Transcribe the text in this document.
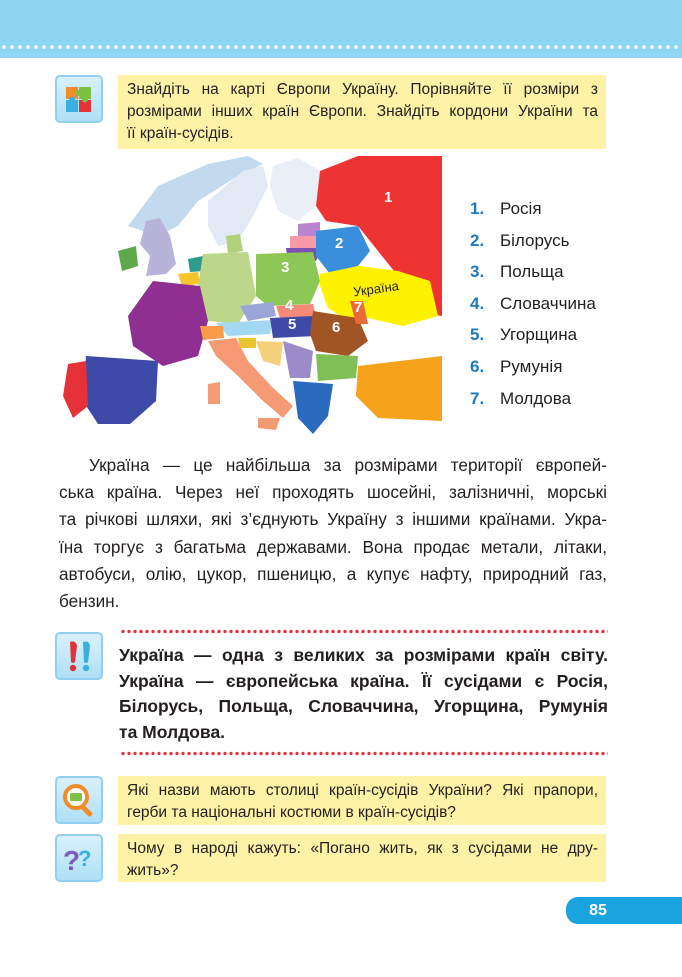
Знайдіть на карті Європи Україну. Порівняйте її розміри з
розмірами інших країн Європи. Знайдіть кордони України та
її країн-сусідів.
1
2
3
4
5 6
7
Україна
1. Росія
2. Білорусь
3. Польща
4. Словаччина
5. Угорщина
6. Румунія
7. Молдова
Україна — це найбільша за розмірами території європей-
ська країна. Через неї проходять шосейні, залізничні, морські
та річкові шляхи, які з’єднують Україну з іншими країнами. Укра-
їна торгує з багатьма державами. Вона продає метали, літаки,
автобуси, олію, цукор, пшеницю, а купує нафту, природний газ,
бензин.
Україна — одна з великих за розмірами країн світу.
Україна — європейська країна. Її сусідами є Росія,
Білорусь, Польща, Словаччина, Угорщина, Румунія
та Молдова.
Які назви мають столиці країн-сусідів України? Які прапори,
герби та національні костюми в країн-сусідів?
?
? Чому в народі кажуть: «Погано жить, як з сусідами не дру-
жить»?
85
